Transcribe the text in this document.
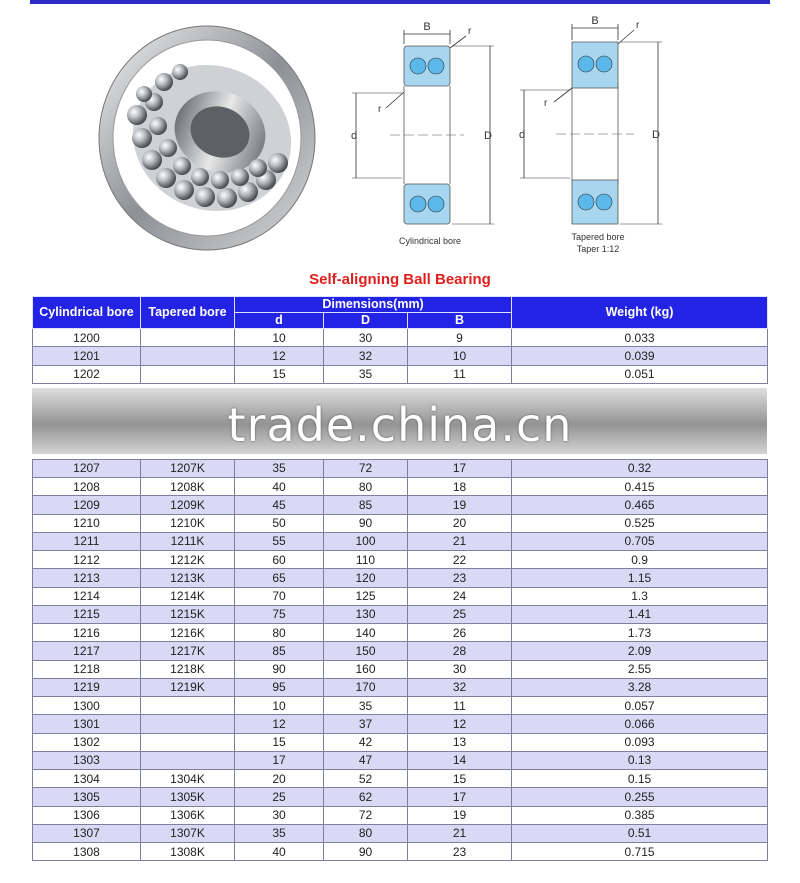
B	r
d
r
D
Cylindrical bore
B	r
d
r
D
Tapered bore
Taper 1:12
Self-aligning Ball Bearing
Cylindrical bore	Tapered bore	Dimensions(mm)			Weight (kg)
		d	D	B	
1200		10	30	9	0.033
1201		12	32	10	0.039
1202		15	35	11	0.051

1207	1207K	35	72	17	0.32
1208	1208K	40	80	18	0.415
1209	1209K	45	85	19	0.465
1210	1210K	50	90	20	0.525
1211	1211K	55	100	21	0.705
1212	1212K	60	110	22	0.9
1213	1213K	65	120	23	1.15
1214	1214K	70	125	24	1.3
1215	1215K	75	130	25	1.41
1216	1216K	80	140	26	1.73
1217	1217K	85	150	28	2.09
1218	1218K	90	160	30	2.55
1219	1219K	95	170	32	3.28
1300		10	35	11	0.057
1301		12	37	12	0.066
1302		15	42	13	0.093
1303		17	47	14	0.13
1304	1304K	20	52	15	0.15
1305	1305K	25	62	17	0.255
1306	1306K	30	72	19	0.385
1307	1307K	35	80	21	0.51
1308	1308K	40	90	23	0.715
trade.china.cn
